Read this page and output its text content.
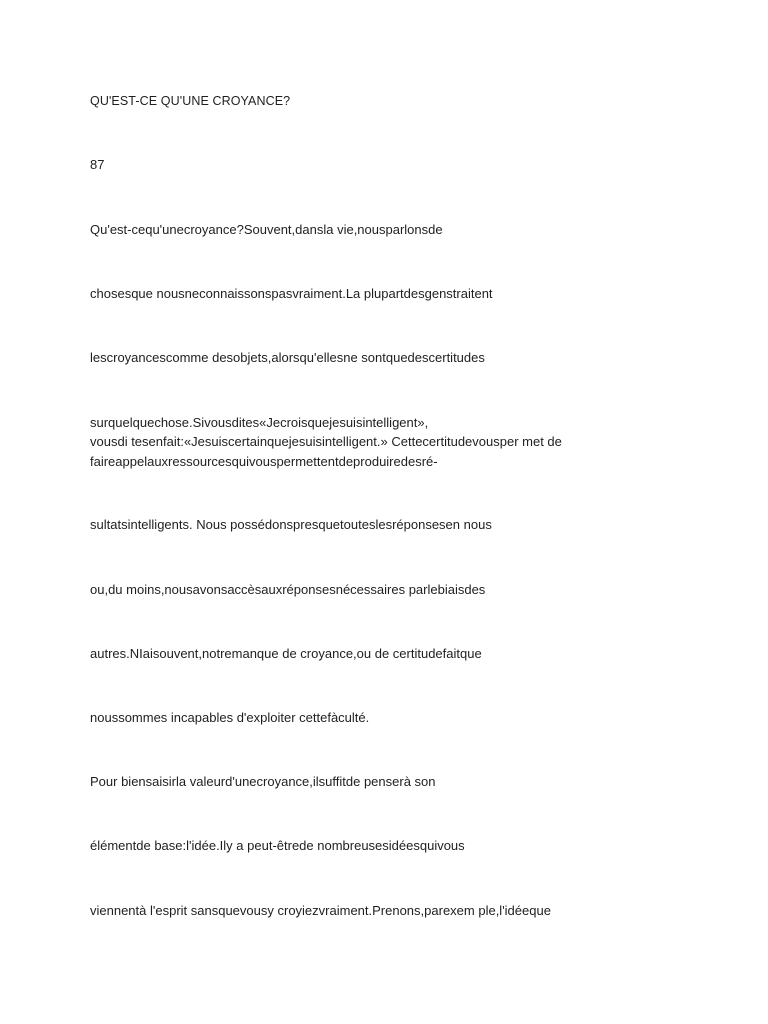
QU'EST-CE QU'UNE CROYANCE?

87

Qu'est-cequ'unecroyance?Souvent,dansla vie,nousparlonsde

chosesque nousneconnaissonspasvraiment.La plupartdesgenstraitent

lescroyancescomme desobjets,alorsqu'ellesne sontquedescertitudes

surquelquechose.Sivousdites«Jecroisquejesuisintelligent»,

vousdi tesenfait:«Jesuiscertainquejesuisintelligent.» Cettecertitudevousper met de

faireappelauxressourcesquivouspermettentdeproduiredesré-

sultatsintelligents. Nous possédonspresquetouteslesréponsesen nous

ou,du moins,nousavonsaccèsauxréponsesnécessaires parlebiaisdes

autres.NIaisouvent,notremanque de croyance,ou de certitudefaitque

noussommes incapables d'exploiter cettefàculté.

Pour biensaisirla valeurd'unecroyance,ilsuffitde penserà son

élémentde base:l'idée.Ily a peut-êtrede nombreusesidéesquivous

viennentà l'esprit sansquevousy croyiezvraiment.Prenons,parexem ple,l'idéeque
